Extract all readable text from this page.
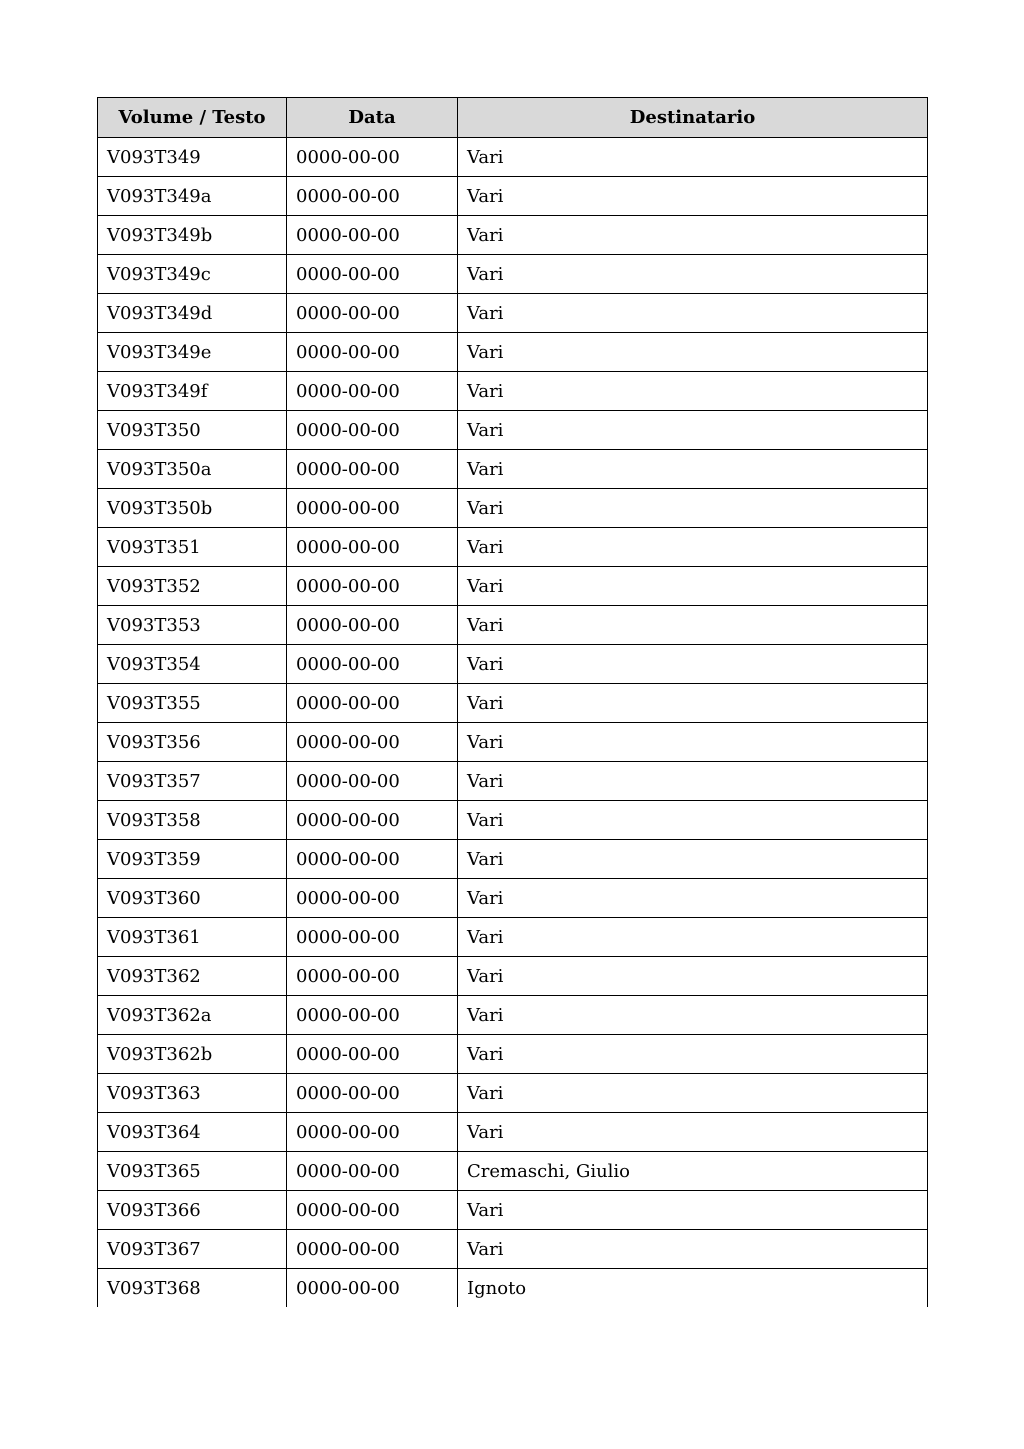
Volume / Testo	Data	Destinatario
V093T349	0000-00-00	Vari
V093T349a	0000-00-00	Vari
V093T349b	0000-00-00	Vari
V093T349c	0000-00-00	Vari
V093T349d	0000-00-00	Vari
V093T349e	0000-00-00	Vari
V093T349f	0000-00-00	Vari
V093T350	0000-00-00	Vari
V093T350a	0000-00-00	Vari
V093T350b	0000-00-00	Vari
V093T351	0000-00-00	Vari
V093T352	0000-00-00	Vari
V093T353	0000-00-00	Vari
V093T354	0000-00-00	Vari
V093T355	0000-00-00	Vari
V093T356	0000-00-00	Vari
V093T357	0000-00-00	Vari
V093T358	0000-00-00	Vari
V093T359	0000-00-00	Vari
V093T360	0000-00-00	Vari
V093T361	0000-00-00	Vari
V093T362	0000-00-00	Vari
V093T362a	0000-00-00	Vari
V093T362b	0000-00-00	Vari
V093T363	0000-00-00	Vari
V093T364	0000-00-00	Vari
V093T365	0000-00-00	Cremaschi, Giulio
V093T366	0000-00-00	Vari
V093T367	0000-00-00	Vari
V093T368	0000-00-00	Ignoto
